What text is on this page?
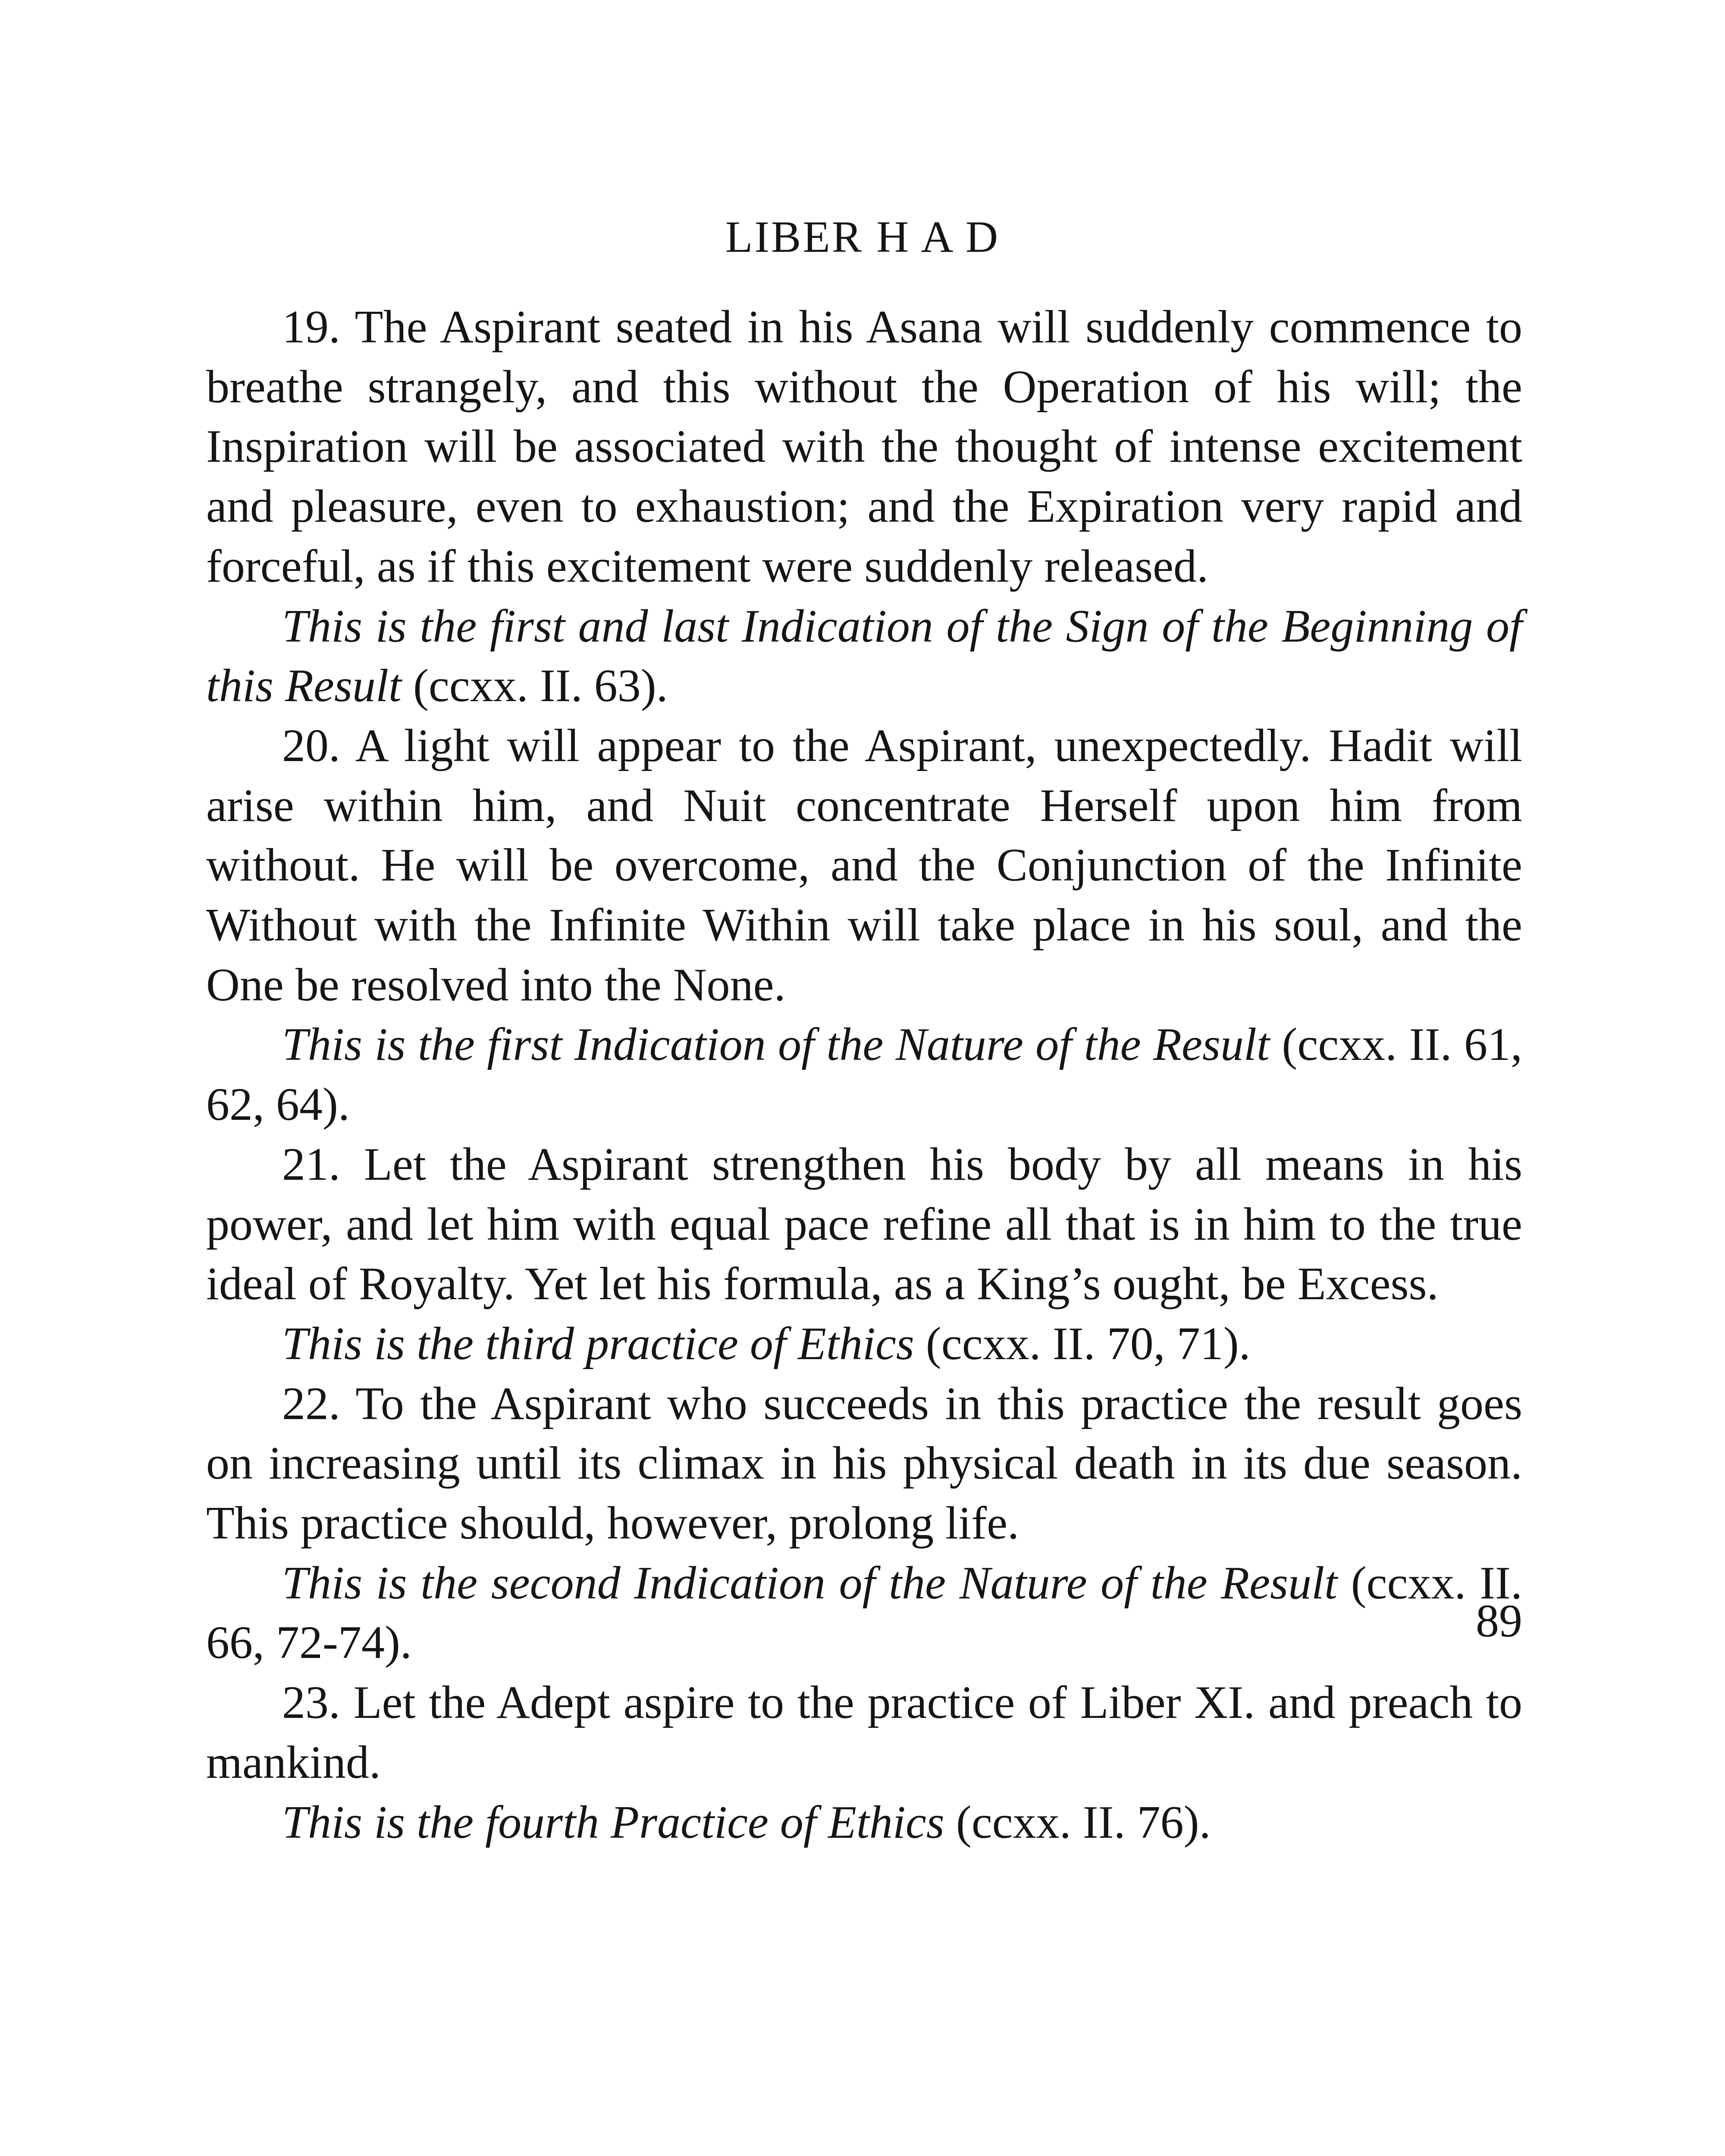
LIBER H A D

19. The Aspirant seated in his Asana will suddenly commence to breathe strangely, and this without the Operation of his will; the Inspiration will be associated with the thought of intense excitement and pleasure, even to exhaustion; and the Expiration very rapid and forceful, as if this excitement were suddenly released.

This is the first and last Indication of the Sign of the Beginning of this Result (ccxx. II. 63).

20. A light will appear to the Aspirant, unexpectedly. Hadit will arise within him, and Nuit concentrate Herself upon him from without. He will be overcome, and the Conjunction of the Infinite Without with the Infinite Within will take place in his soul, and the One be resolved into the None.

This is the first Indication of the Nature of the Result (ccxx. II. 61, 62, 64).

21. Let the Aspirant strengthen his body by all means in his power, and let him with equal pace refine all that is in him to the true ideal of Royalty. Yet let his formula, as a King’s ought, be Excess.

This is the third practice of Ethics (ccxx. II. 70, 71).

22. To the Aspirant who succeeds in this practice the result goes on increasing until its climax in his physical death in its due season. This practice should, however, prolong life.

This is the second Indication of the Nature of the Result (ccxx. II. 66, 72-74).

23. Let the Adept aspire to the practice of Liber XI. and preach to mankind.

This is the fourth Practice of Ethics (ccxx. II. 76).

89
